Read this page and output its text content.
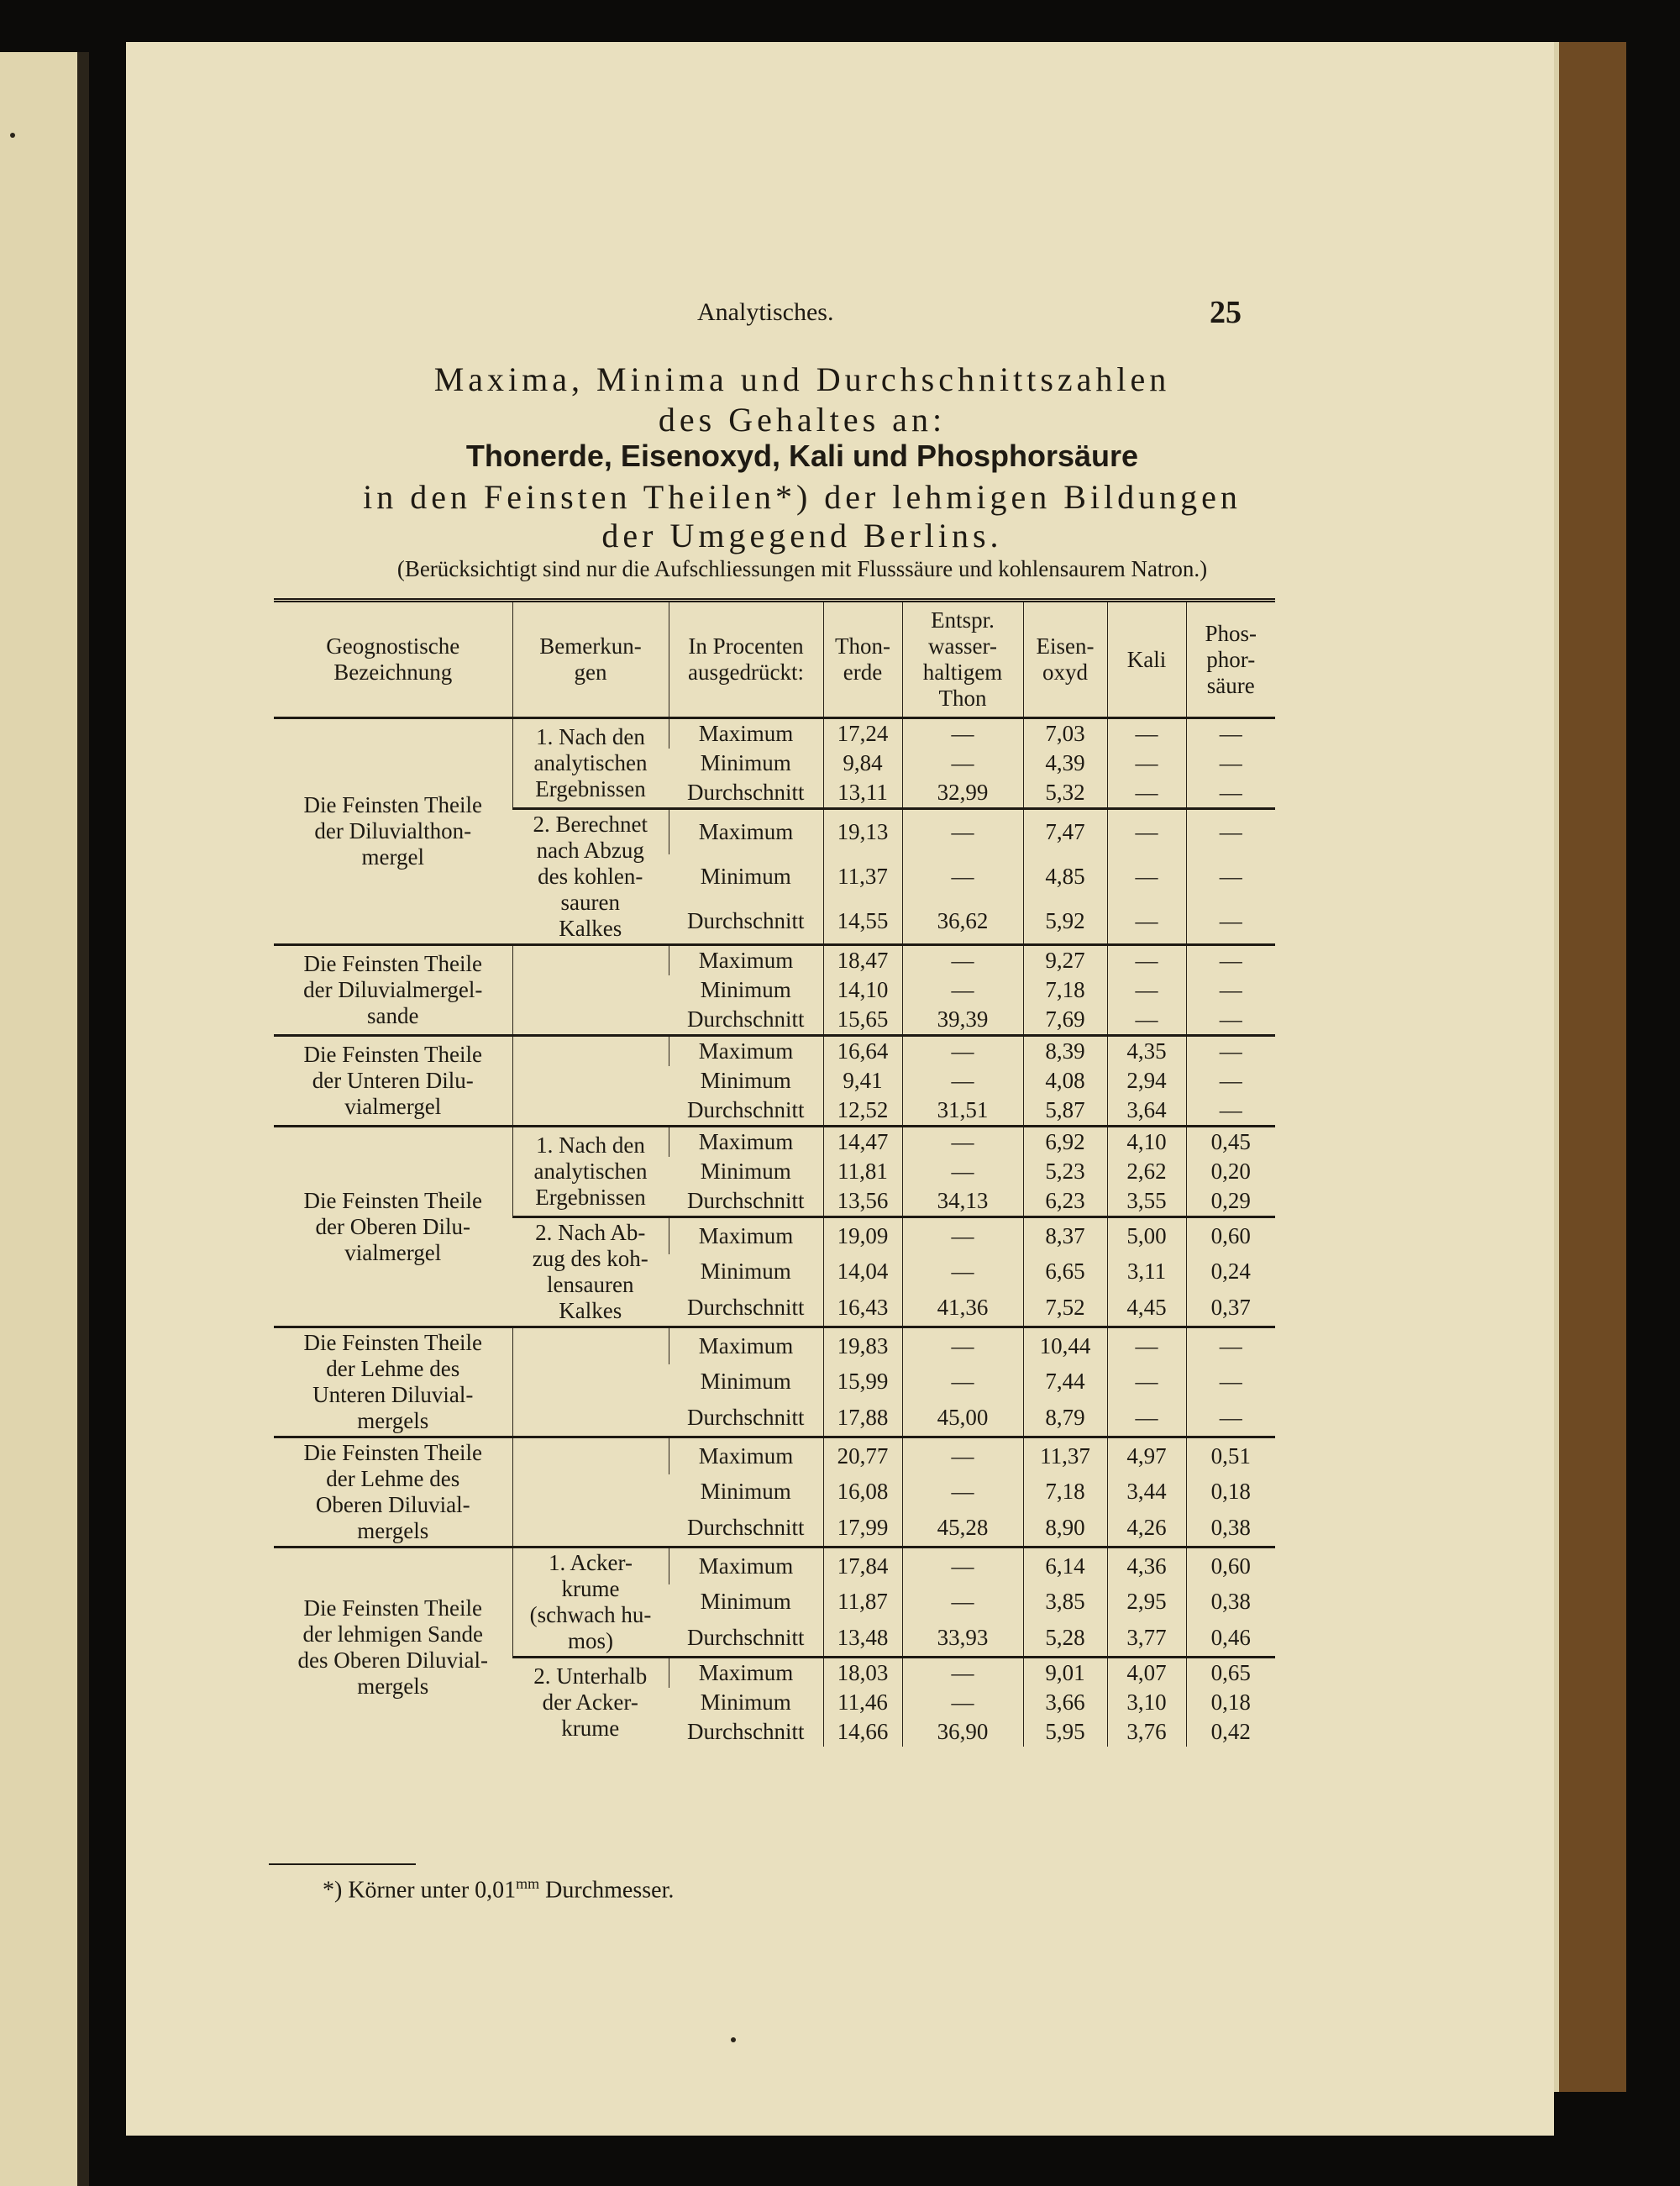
Analytisches.	25
Maxima, Minima und Durchschnittszahlen
des Gehaltes an:
Thonerde, Eisenoxyd, Kali und Phosphorsäure
in den Feinsten Theilen*) der lehmigen Bildungen
der Umgegend Berlins.
(Berücksichtigt sind nur die Aufschliessungen mit Flusssäure und kohlensaurem Natron.)
Geognostische
Bezeichnung	Bemerkun-
gen	In Procenten
ausgedrückt:	Thon-
erde	Entspr.
wasser-
haltigem
Thon	Eisen-
oxyd	Kali	Phos-
phor-
säure

Die Feinsten Theile
der Diluvialthon-
mergel	1. Nach den
analytischen
Ergebnissen	Maximum	17,24	—	7,03	—	—
		Minimum	9,84	—	4,39	—	—
		Durchschnitt	13,11	32,99	5,32	—	—

	2. Berechnet
nach Abzug
des kohlen-
sauren
Kalkes	Maximum	19,13	—	7,47	—	—
		Minimum	11,37	—	4,85	—	—
		Durchschnitt	14,55	36,62	5,92	—	—

Die Feinsten Theile
der Diluvialmergel-
sande		Maximum	18,47	—	9,27	—	—
		Minimum	14,10	—	7,18	—	—
		Durchschnitt	15,65	39,39	7,69	—	—

Die Feinsten Theile
der Unteren Dilu-
vialmergel		Maximum	16,64	—	8,39	4,35	—
		Minimum	9,41	—	4,08	2,94	—
		Durchschnitt	12,52	31,51	5,87	3,64	—

Die Feinsten Theile
der Oberen Dilu-
vialmergel	1. Nach den
analytischen
Ergebnissen	Maximum	14,47	—	6,92	4,10	0,45
		Minimum	11,81	—	5,23	2,62	0,20
		Durchschnitt	13,56	34,13	6,23	3,55	0,29

	2. Nach Ab-
zug des koh-
lensauren
Kalkes	Maximum	19,09	—	8,37	5,00	0,60
		Minimum	14,04	—	6,65	3,11	0,24
		Durchschnitt	16,43	41,36	7,52	4,45	0,37

Die Feinsten Theile
der Lehme des
Unteren Diluvial-
mergels		Maximum	19,83	—	10,44	—	—
		Minimum	15,99	—	7,44	—	—
		Durchschnitt	17,88	45,00	8,79	—	—

Die Feinsten Theile
der Lehme des
Oberen Diluvial-
mergels		Maximum	20,77	—	11,37	4,97	0,51
		Minimum	16,08	—	7,18	3,44	0,18
		Durchschnitt	17,99	45,28	8,90	4,26	0,38

Die Feinsten Theile
der lehmigen Sande
des Oberen Diluvial-
mergels	1. Acker-
krume
(schwach hu-
mos)	Maximum	17,84	—	6,14	4,36	0,60
		Minimum	11,87	—	3,85	2,95	0,38
		Durchschnitt	13,48	33,93	5,28	3,77	0,46

	2. Unterhalb
der Acker-
krume	Maximum	18,03	—	9,01	4,07	0,65
		Minimum	11,46	—	3,66	3,10	0,18
		Durchschnitt	14,66	36,90	5,95	3,76	0,42
*) Körner unter $0,01^{mm}$ Durchmesser.
